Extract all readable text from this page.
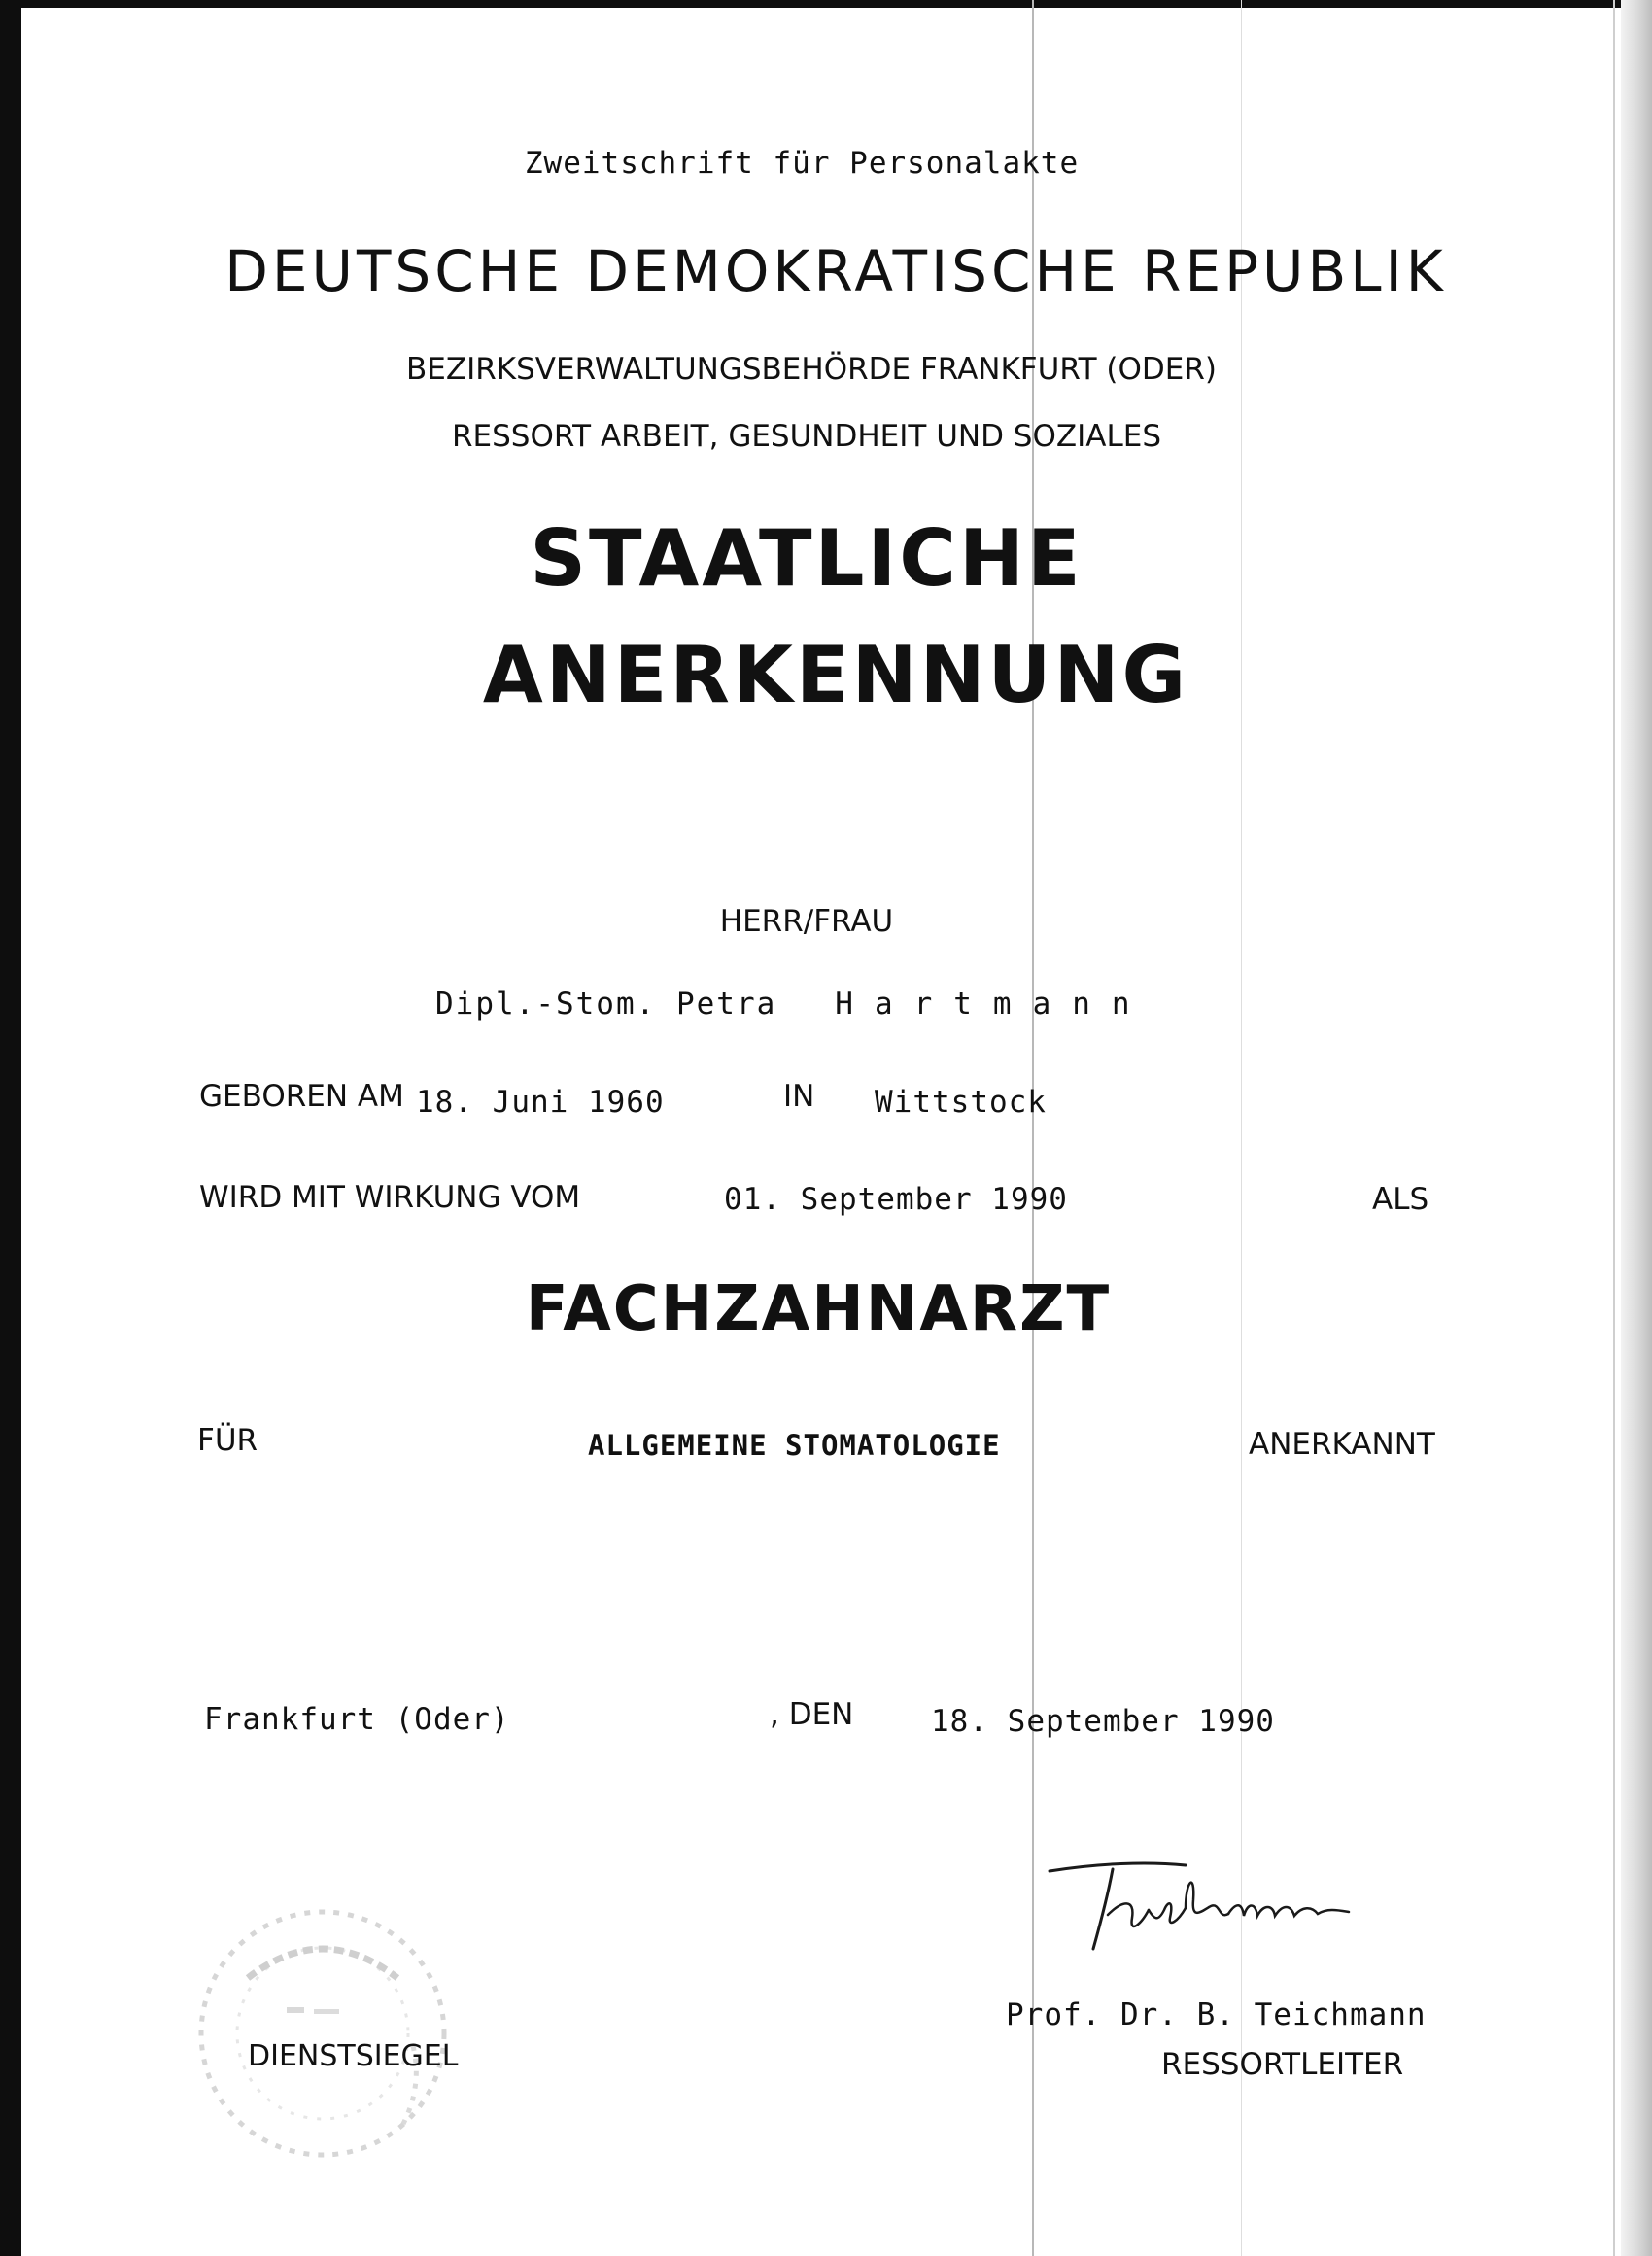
Zweitschrift für Personalakte
DEUTSCHE DEMOKRATISCHE REPUBLIK
BEZIRKSVERWALTUNGSBEHÖRDE FRANKFURT (ODER)
RESSORT ARBEIT, GESUNDHEIT UND SOZIALES
STAATLICHE
ANERKENNUNG
HERR/FRAU
Dipl.-Stom. Petra Hartmann
GEBOREN AM 18. Juni 1960	IN Wittstock
WIRD MIT WIRKUNG VOM	01. September 1990	ALS
FACHZAHNARZT
FÜR	ALLGEMEINE STOMATOLOGIE	ANERKANNT
Frankfurt (Oder)	, DEN	18. September 1990
DIENSTSIEGEL
Prof. Dr. B. Teichmann
RESSORTLEITER
